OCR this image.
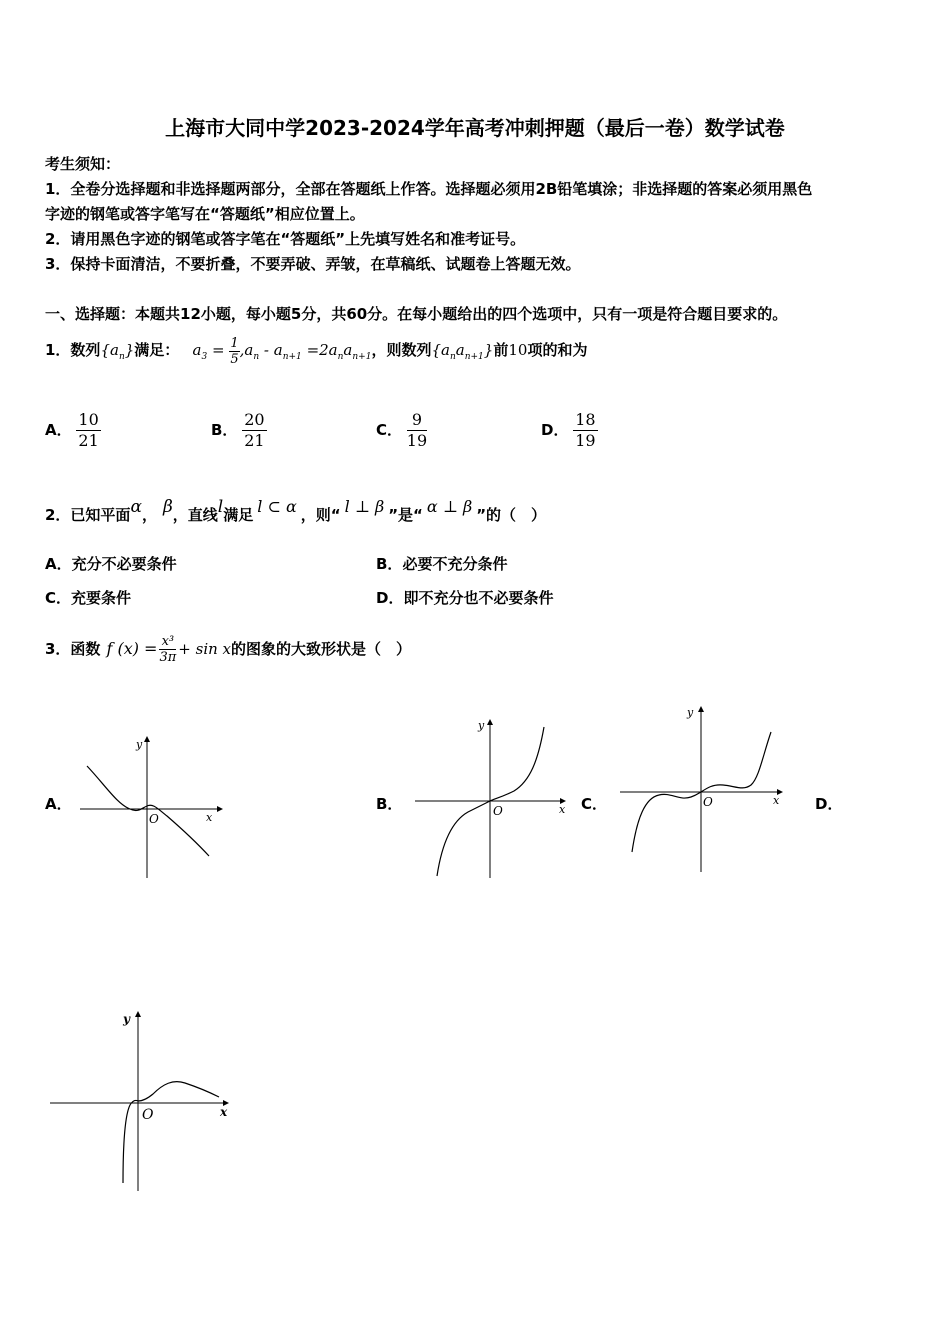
上海市大同中学2023-2024学年高考冲刺押题（最后一卷）数学试卷
考生须知：
1．全卷分选择题和非选择题两部分，全部在答题纸上作答。选择题必须用2B铅笔填涂；非选择题的答案必须用黑色
字迹的钢笔或答字笔写在“答题纸”相应位置上。
2．请用黑色字迹的钢笔或答字笔在“答题纸”上先填写姓名和准考证号。
3．保持卡面清洁，不要折叠，不要弄破、弄皱，在草稿纸、试题卷上答题无效。
一、选择题：本题共12小题，每小题5分，共60分。在每小题给出的四个选项中，只有一项是符合题目要求的。
1．数列$\{a_n\}$满足： $a_3 = \frac{1}{5} ,a_n - a_{n+1} =2a_na_{n+1}$，则数列$\{a_na_{n+1}\}$前10项的和为
A． $\frac{10}{21}$	B． $\frac{20}{21}$	C． $\frac{9}{19}$	D． $\frac{18}{19}$
2．已知平面α， β，直线l满足 l ⊂ α ，则“ l ⊥ β ”是“ α ⊥ β ”的（　）
A．充分不必要条件	B．必要不充分条件
C．充要条件	D．即不充分也不必要条件
3．函数 f $(x) = \frac{\text{x³}}{3\pi} + \sin x$的图象的大致形状是（　）
A．	B．	C．	D．
y
O	x
y
O	x
y
O	x
y
O	x
